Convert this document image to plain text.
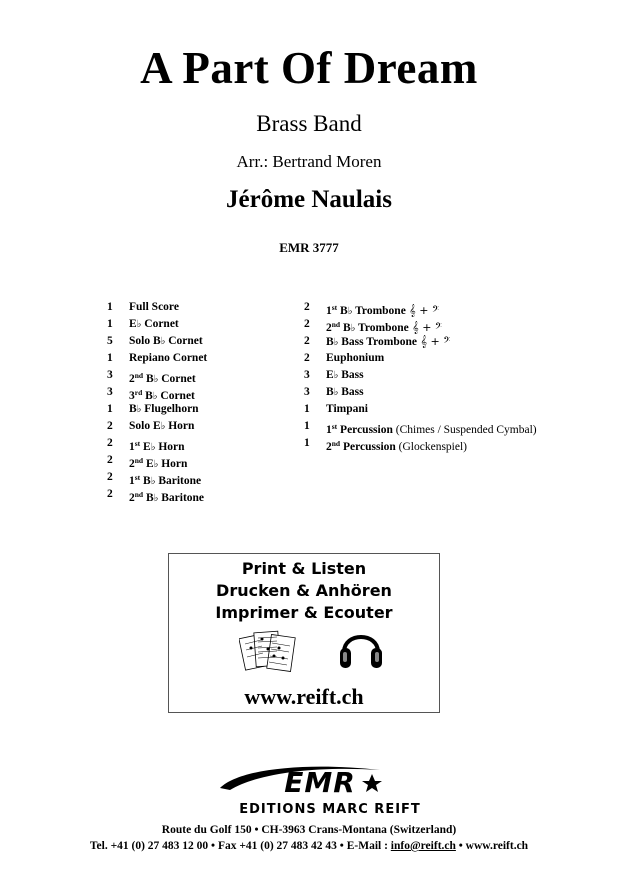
A Part Of Dream
Brass Band
Arr.: Bertrand Moren
Jérôme Naulais
EMR 3777
1 Full Score
1 E♭ Cornet
5 Solo B♭ Cornet
1 Repiano Cornet
3 2nd B♭ Cornet
3 3rd B♭ Cornet
1 B♭ Flugelhorn
2 Solo E♭ Horn
2 1st E♭ Horn
2 2nd E♭ Horn
2 1st B♭ Baritone
2 2nd B♭ Baritone
2 1st B♭ Trombone 𝄞 + 𝄢
2 2nd B♭ Trombone 𝄞 + 𝄢
2 B♭ Bass Trombone 𝄞 + 𝄢
2 Euphonium
3 E♭ Bass
3 B♭ Bass
1 Timpani
1 1st Percussion (Chimes / Suspended Cymbal)
1 2nd Percussion (Glockenspiel)
Print & Listen
Drucken & Anhören
Imprimer & Ecouter
www.reift.ch
EMR
EDITIONS MARC REIFT
Route du Golf 150 • CH-3963 Crans-Montana (Switzerland)
Tel. +41 (0) 27 483 12 00 • Fax +41 (0) 27 483 42 43 • E-Mail : info@reift.ch • www.reift.ch
